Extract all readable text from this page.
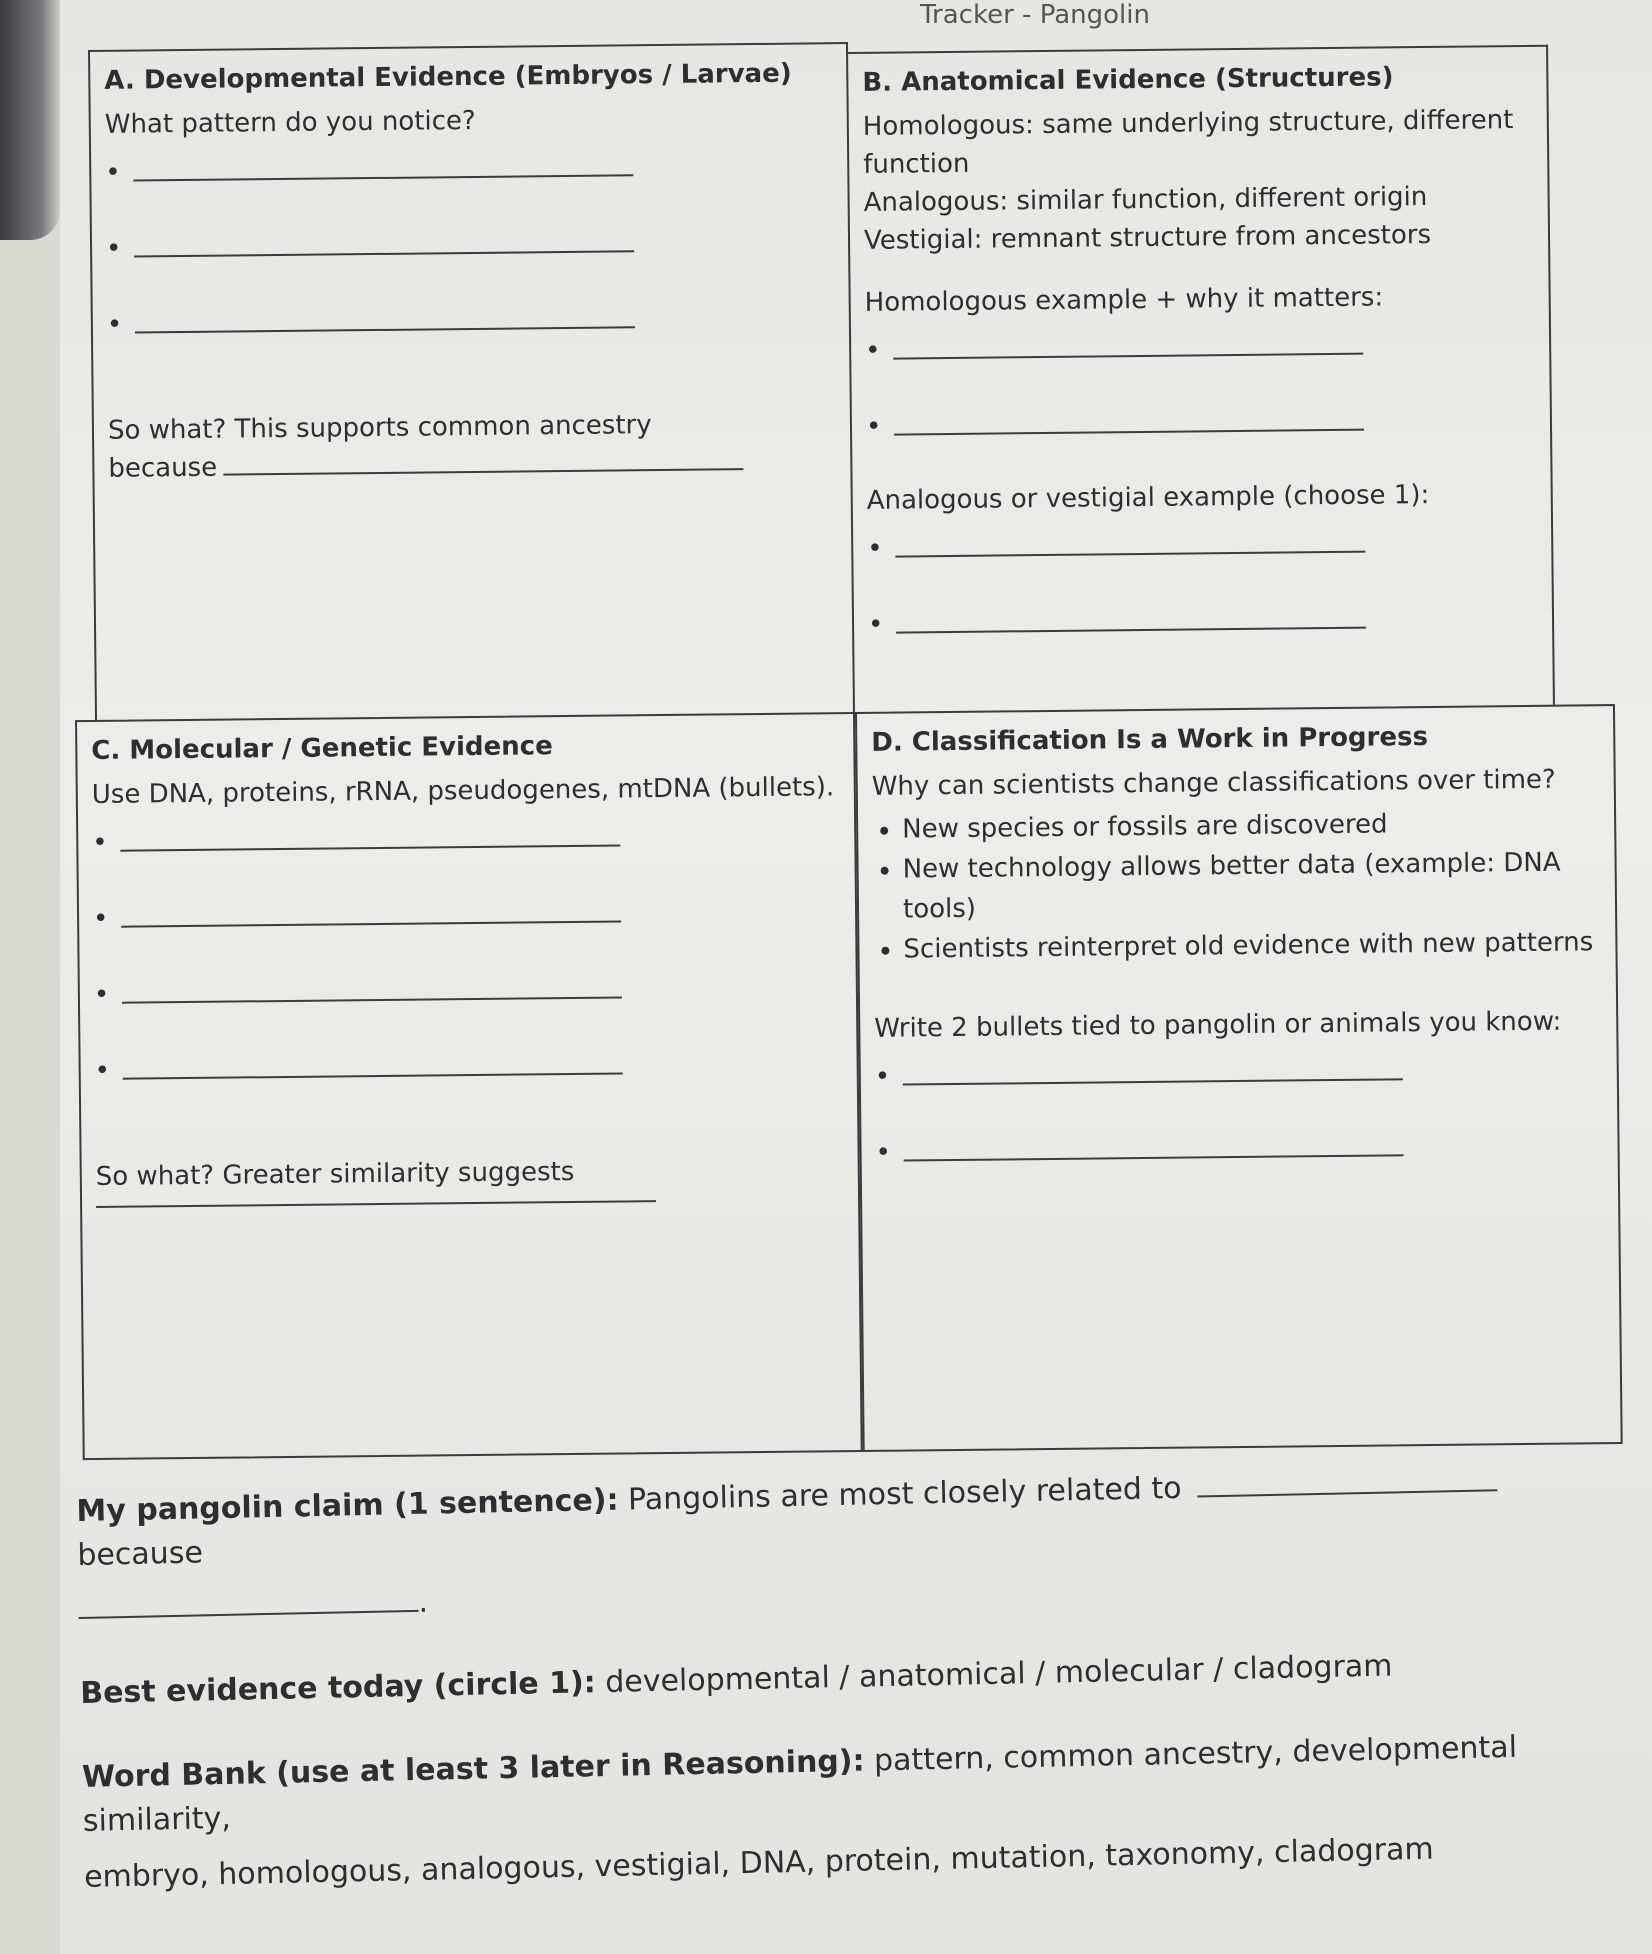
Tracker - Pangolin
A. Developmental Evidence (Embryos / Larvae)

What pattern do you notice?

•
•
•

So what? This supports common ancestry

because

B. Anatomical Evidence (Structures)

Homologous: same underlying structure, different function

Analogous: similar function, different origin

Vestigial: remnant structure from ancestors

Homologous example + why it matters:

•
•

Analogous or vestigial example (choose 1):

•
•
C. Molecular / Genetic Evidence

Use DNA, proteins, rRNA, pseudogenes, mtDNA (bullets).

•
•
•
•

So what? Greater similarity suggests

D. Classification Is a Work in Progress

Why can scientists change classifications over time?

• New species or fossils are discovered
• New technology allows better data (example: DNA tools)
• Scientists reinterpret old evidence with new patterns

Write 2 bullets tied to pangolin or animals you know:

•
•
My pangolin claim (1 sentence): Pangolins are most closely related to  because
.
Best evidence today (circle 1): developmental / anatomical / molecular / cladogram
Word Bank (use at least 3 later in Reasoning): pattern, common ancestry, developmental similarity,
embryo, homologous, analogous, vestigial, DNA, protein, mutation, taxonomy, cladogram
